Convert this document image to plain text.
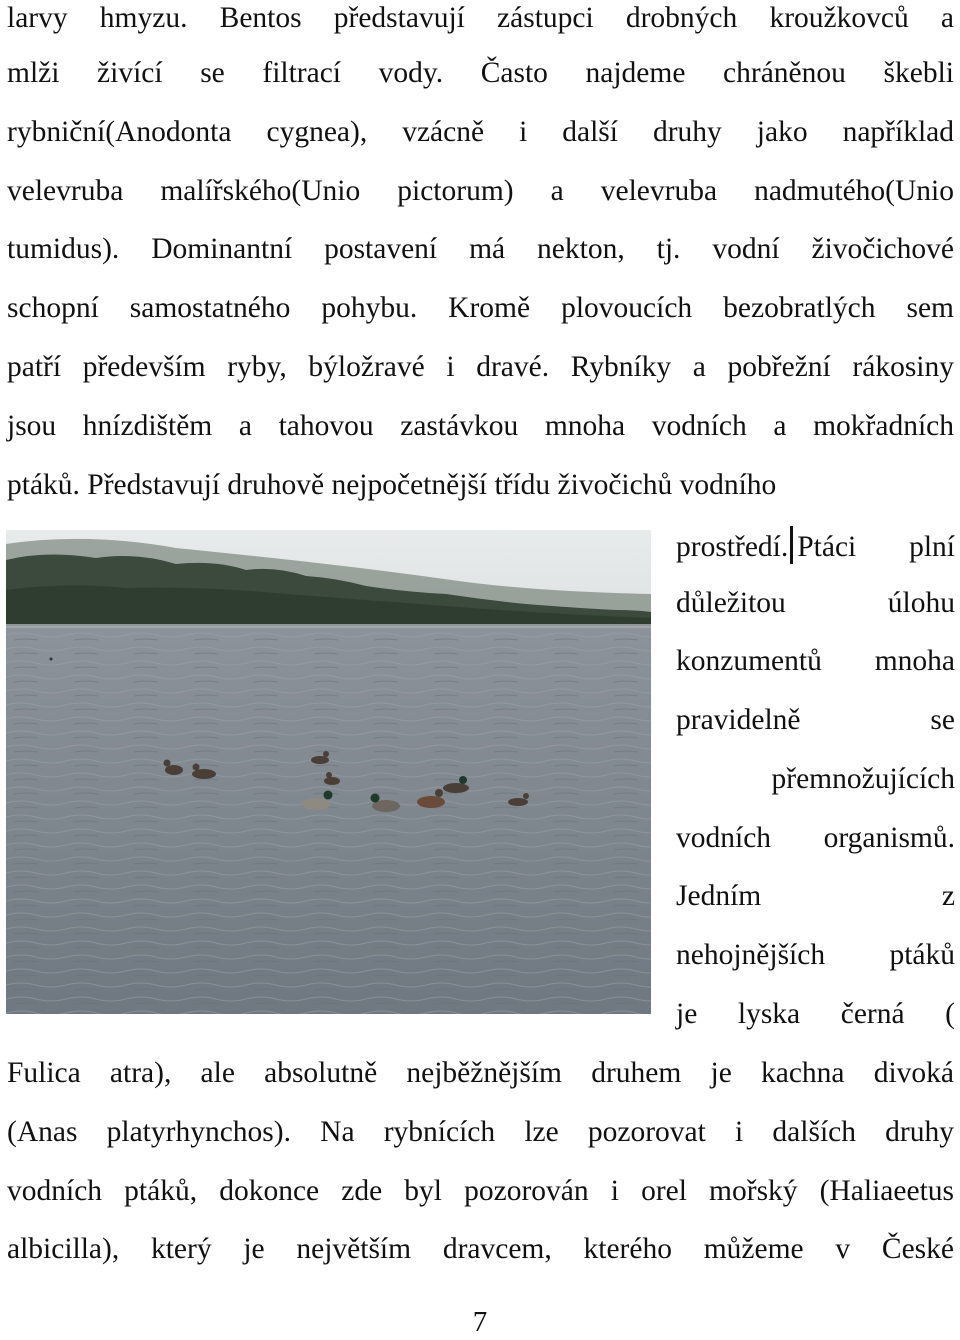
larvy hmyzu. Bentos představují zástupci drobných kroužkovců a
mlži živící se filtrací vody. Často najdeme chráněnou škebli
rybniční(Anodonta cygnea), vzácně i další druhy jako například
velevruba malířského(Unio pictorum) a velevruba nadmutého(Unio
tumidus). Dominantní postavení má nekton, tj. vodní živočichové
schopní samostatného pohybu. Kromě plovoucích bezobratlých sem
patří především ryby, býložravé i dravé. Rybníky a pobřežní rákosiny
jsou hnízdištěm a tahovou zastávkou mnoha vodních a mokřadních
ptáků. Představují druhově nejpočetnější třídu živočichů vodního
prostředí. Ptáci plní
důležitou úlohu
konzumentů mnoha
pravidelně se
přemnožujících
vodních organismů.
Jedním z
nehojnějších ptáků
je lyska černá (
Fulica atra), ale absolutně nejběžnějším druhem je kachna divoká
(Anas platyrhynchos). Na rybnících lze pozorovat i dalších druhy
vodních ptáků, dokonce zde byl pozorován i orel mořský (Haliaeetus
albicilla), který je největším dravcem, kterého můžeme v České
7
